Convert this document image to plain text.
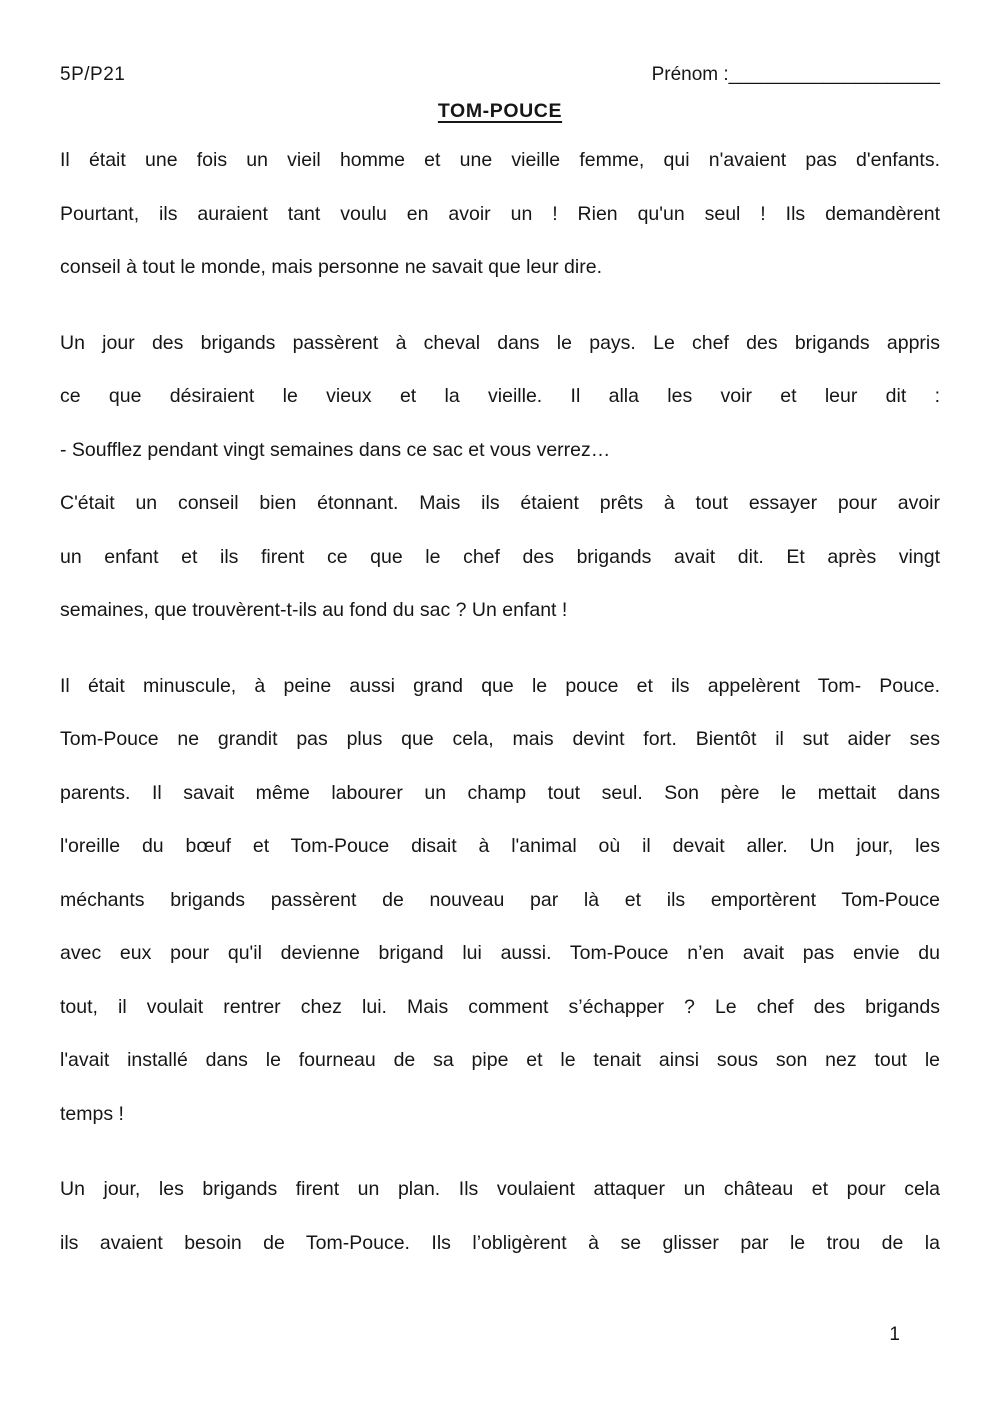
5P/P21	Prénom :____________________
TOM-POUCE
Il était une fois un vieil homme et une vieille femme, qui n'avaient pas d'enfants.
Pourtant, ils auraient tant voulu en avoir un ! Rien qu'un seul ! Ils demandèrent
conseil à tout le monde, mais personne ne savait que leur dire.
Un jour des brigands passèrent à cheval dans le pays. Le chef des brigands appris
ce que désiraient le vieux et la vieille. Il alla les voir et leur dit :
- Soufflez pendant vingt semaines dans ce sac et vous verrez…
C'était un conseil bien étonnant. Mais ils étaient prêts à tout essayer pour avoir
un enfant et ils firent ce que le chef des brigands avait dit. Et après vingt
semaines, que trouvèrent-t-ils au fond du sac ? Un enfant !
Il était minuscule, à peine aussi grand que le pouce et ils appelèrent Tom- Pouce.
Tom-Pouce ne grandit pas plus que cela, mais devint fort. Bientôt il sut aider ses
parents. Il savait même labourer un champ tout seul. Son père le mettait dans
l'oreille du bœuf et Tom-Pouce disait à l'animal où il devait aller. Un jour, les
méchants brigands passèrent de nouveau par là et ils emportèrent Tom-Pouce
avec eux pour qu'il devienne brigand lui aussi. Tom-Pouce n’en avait pas envie du
tout, il voulait rentrer chez lui. Mais comment s’échapper ? Le chef des brigands
l'avait installé dans le fourneau de sa pipe et le tenait ainsi sous son nez tout le
temps !
Un jour, les brigands firent un plan. Ils voulaient attaquer un château et pour cela
ils avaient besoin de Tom-Pouce. Ils l’obligèrent à se glisser par le trou de la
1
